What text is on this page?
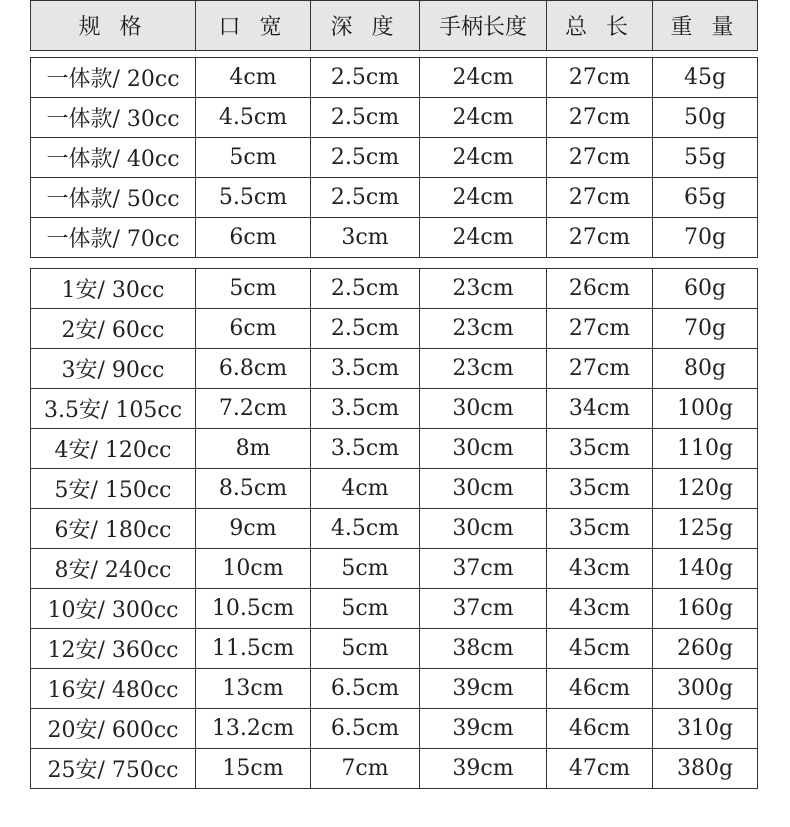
规 格	口 宽	深 度	手柄长度	总 长	重 量
一体款/ 20cc	4cm	2.5cm	24cm	27cm	45g
一体款/ 30cc	4.5cm	2.5cm	24cm	27cm	50g
一体款/ 40cc	5cm	2.5cm	24cm	27cm	55g
一体款/ 50cc	5.5cm	2.5cm	24cm	27cm	65g
一体款/ 70cc	6cm	3cm	24cm	27cm	70g
1安/ 30cc	5cm	2.5cm	23cm	26cm	60g
2安/ 60cc	6cm	2.5cm	23cm	27cm	70g
3安/ 90cc	6.8cm	3.5cm	23cm	27cm	80g
3.5安/ 105cc	7.2cm	3.5cm	30cm	34cm	100g
4安/ 120cc	8m	3.5cm	30cm	35cm	110g
5安/ 150cc	8.5cm	4cm	30cm	35cm	120g
6安/ 180cc	9cm	4.5cm	30cm	35cm	125g
8安/ 240cc	10cm	5cm	37cm	43cm	140g
10安/ 300cc	10.5cm	5cm	37cm	43cm	160g
12安/ 360cc	11.5cm	5cm	38cm	45cm	260g
16安/ 480cc	13cm	6.5cm	39cm	46cm	300g
20安/ 600cc	13.2cm	6.5cm	39cm	46cm	310g
25安/ 750cc	15cm	7cm	39cm	47cm	380g
